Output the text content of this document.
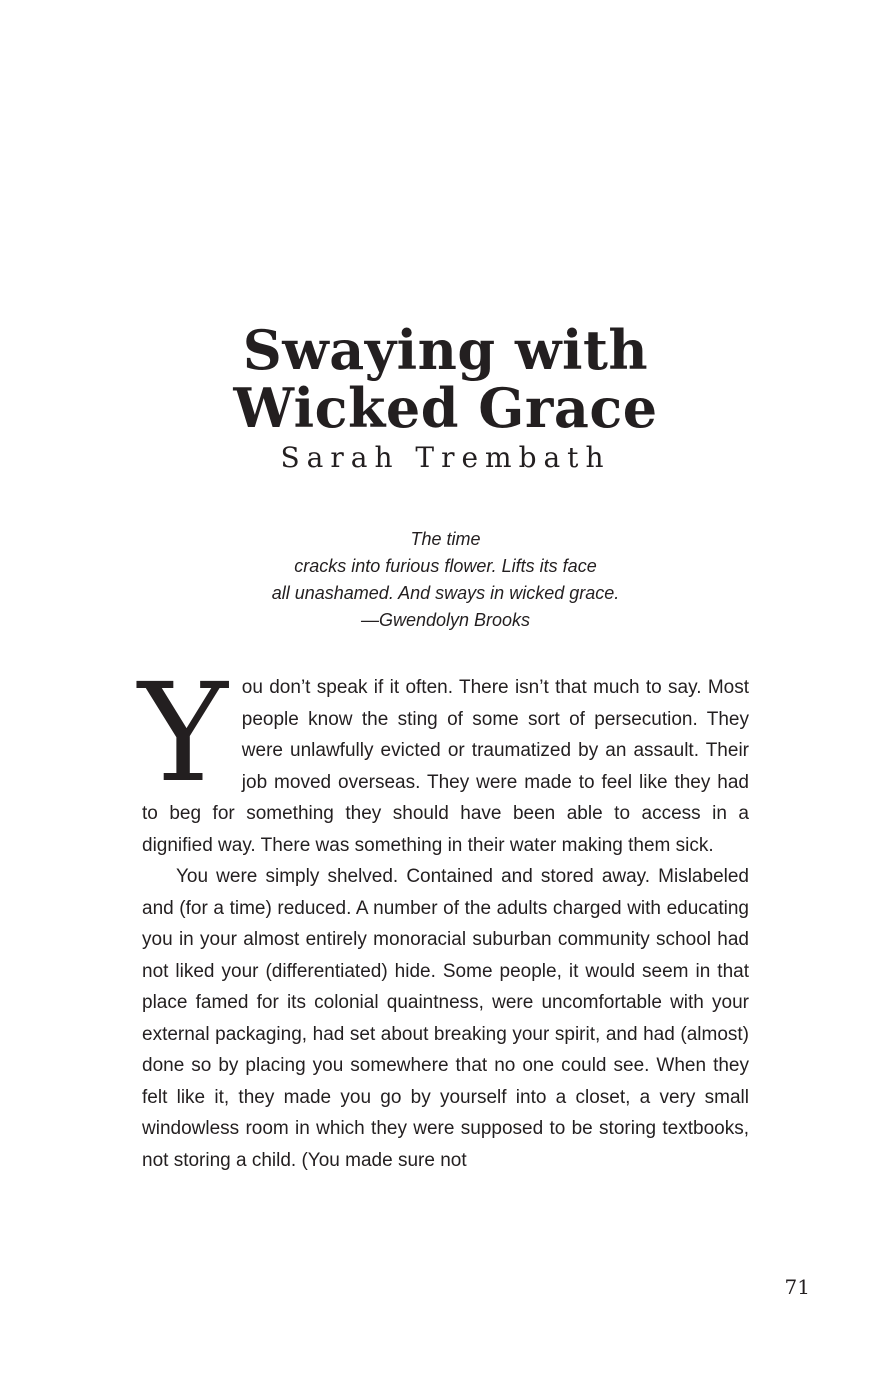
Swaying with
Wicked Grace
Sarah Trembath
The time
cracks into furious flower. Lifts its face
all unashamed. And sways in wicked grace.
—Gwendolyn Brooks

You don’t speak if it often. There isn’t that much to say. Most people know the sting of some sort of persecution. They were unlawfully evicted or traumatized by an assault. Their job moved overseas. They were made to feel like they had to beg for something they should have been able to access in a dignified way. There was something in their water making them sick.

You were simply shelved. Contained and stored away. Mislabeled and (for a time) reduced. A number of the adults charged with educating you in your almost entirely monoracial suburban community school had not liked your (differentiated) hide. Some people, it would seem in that place famed for its colonial quaintness, were uncomfortable with your external packaging, had set about breaking your spirit, and had (almost) done so by placing you somewhere that no one could see. When they felt like it, they made you go by yourself into a closet, a very small windowless room in which they were supposed to be storing textbooks, not storing a child. (You made sure not

71
